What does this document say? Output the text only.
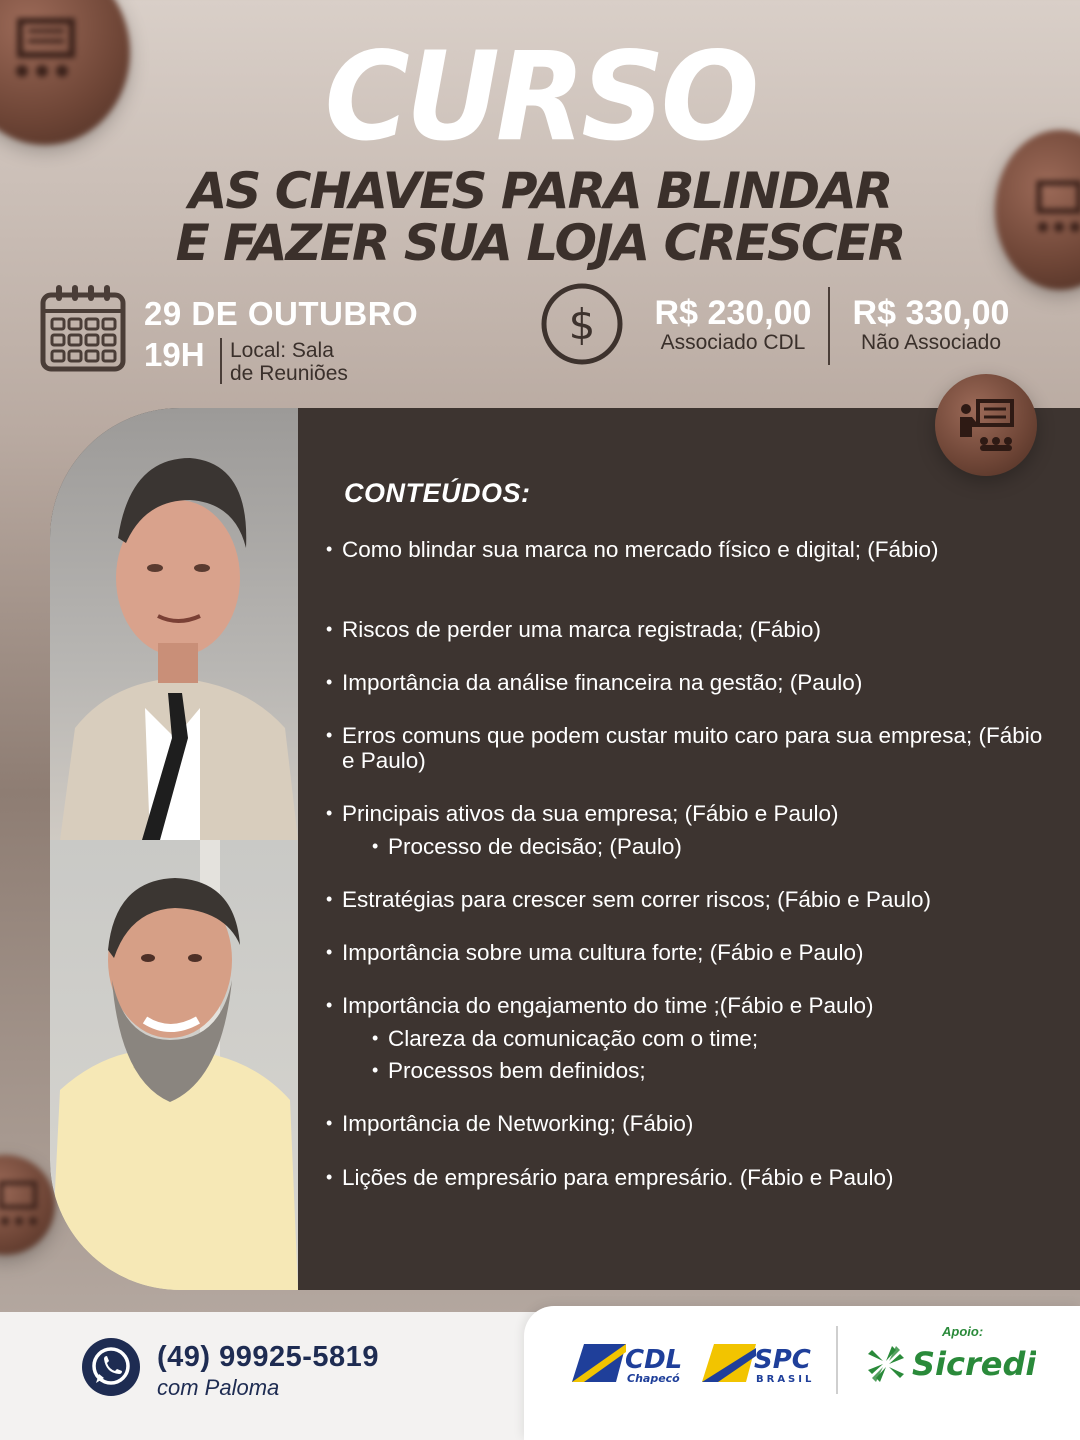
CURSO
AS CHAVES PARA BLINDAR
E FAZER SUA LOJA CRESCER
29 DE OUTUBRO
19H Local: Sala
de Reuniões
$	R$ 230,00
Associado CDL
R$ 330,00
Não Associado
CONTEÚDOS:
• Como blindar sua marca no mercado físico e digital; (Fábio)
• Riscos de perder uma marca registrada; (Fábio)
• Importância da análise financeira na gestão; (Paulo)
• Erros comuns que podem custar muito caro para sua empresa; (Fábio e Paulo)
• Principais ativos da sua empresa; (Fábio e Paulo)
• Processo de decisão; (Paulo)
• Estratégias para crescer sem correr riscos; (Fábio e Paulo)
• Importância sobre uma cultura forte; (Fábio e Paulo)
• Importância do engajamento do time ;(Fábio e Paulo)
• Clareza da comunicação com o time;
• Processos bem definidos;
• Importância de Networking; (Fábio)
• Lições de empresário para empresário. (Fábio e Paulo)
(49) 99925-5819
com Paloma
CDL
Chapecó
SPC
BRASIL
Apoio:
Sicredi
